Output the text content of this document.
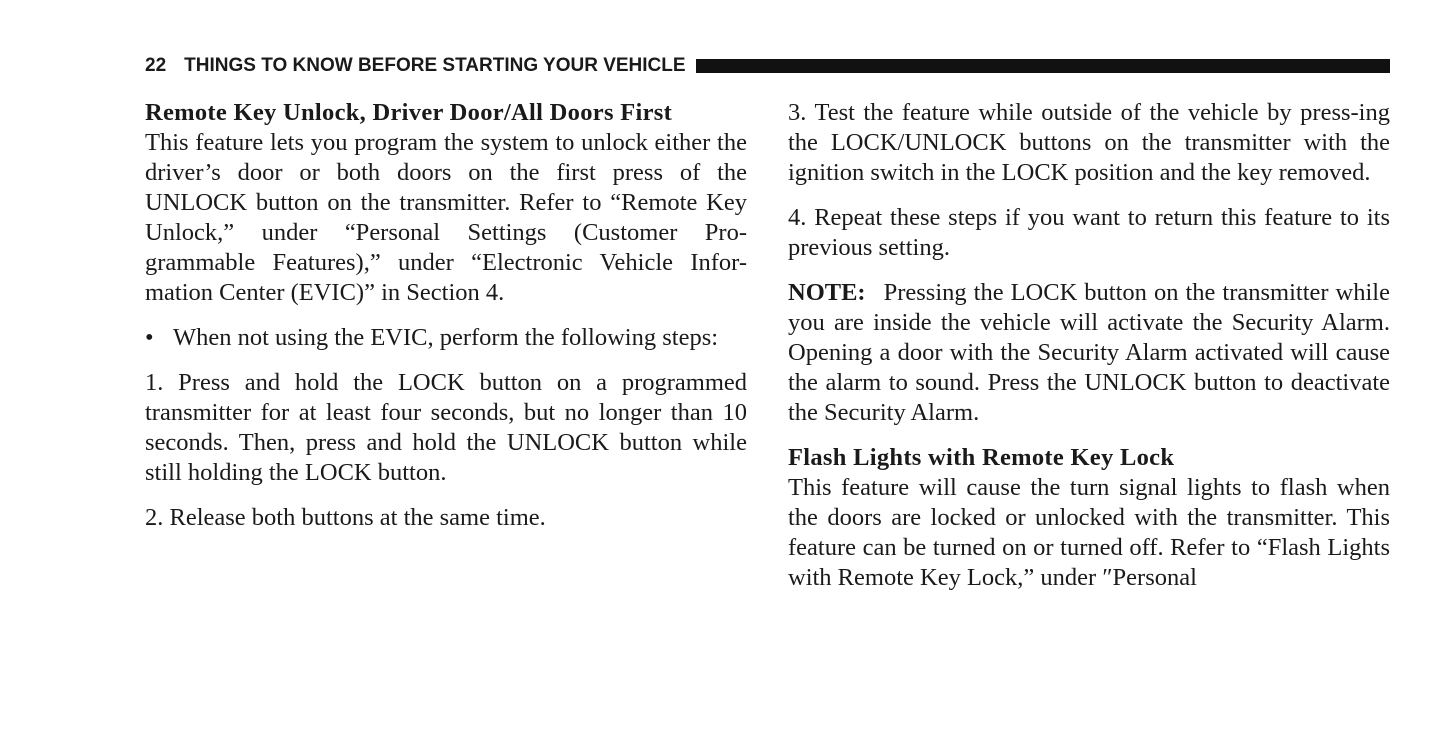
22 THINGS TO KNOW BEFORE STARTING YOUR VEHICLE
Remote Key Unlock, Driver Door/All Doors First

This feature lets you program the system to unlock either the driver’s door or both doors on the first press of the UNLOCK button on the transmitter. Refer to “Remote Key Unlock,” under “Personal Settings (Customer Pro-grammable Features),” under “Electronic Vehicle Infor-mation Center (EVIC)” in Section 4.

• When not using the EVIC, perform the following steps:

1. Press and hold the LOCK button on a programmed transmitter for at least four seconds, but no longer than 10 seconds. Then, press and hold the UNLOCK button while still holding the LOCK button.

2. Release both buttons at the same time.

3. Test the feature while outside of the vehicle by press-ing the LOCK/UNLOCK buttons on the transmitter with the ignition switch in the LOCK position and the key removed.

4. Repeat these steps if you want to return this feature to its previous setting.

NOTE: Pressing the LOCK button on the transmitter while you are inside the vehicle will activate the Security Alarm. Opening a door with the Security Alarm activated will cause the alarm to sound. Press the UNLOCK button to deactivate the Security Alarm.

Flash Lights with Remote Key Lock

This feature will cause the turn signal lights to flash when the doors are locked or unlocked with the transmitter. This feature can be turned on or turned off. Refer to “Flash Lights with Remote Key Lock,” under ″Personal
